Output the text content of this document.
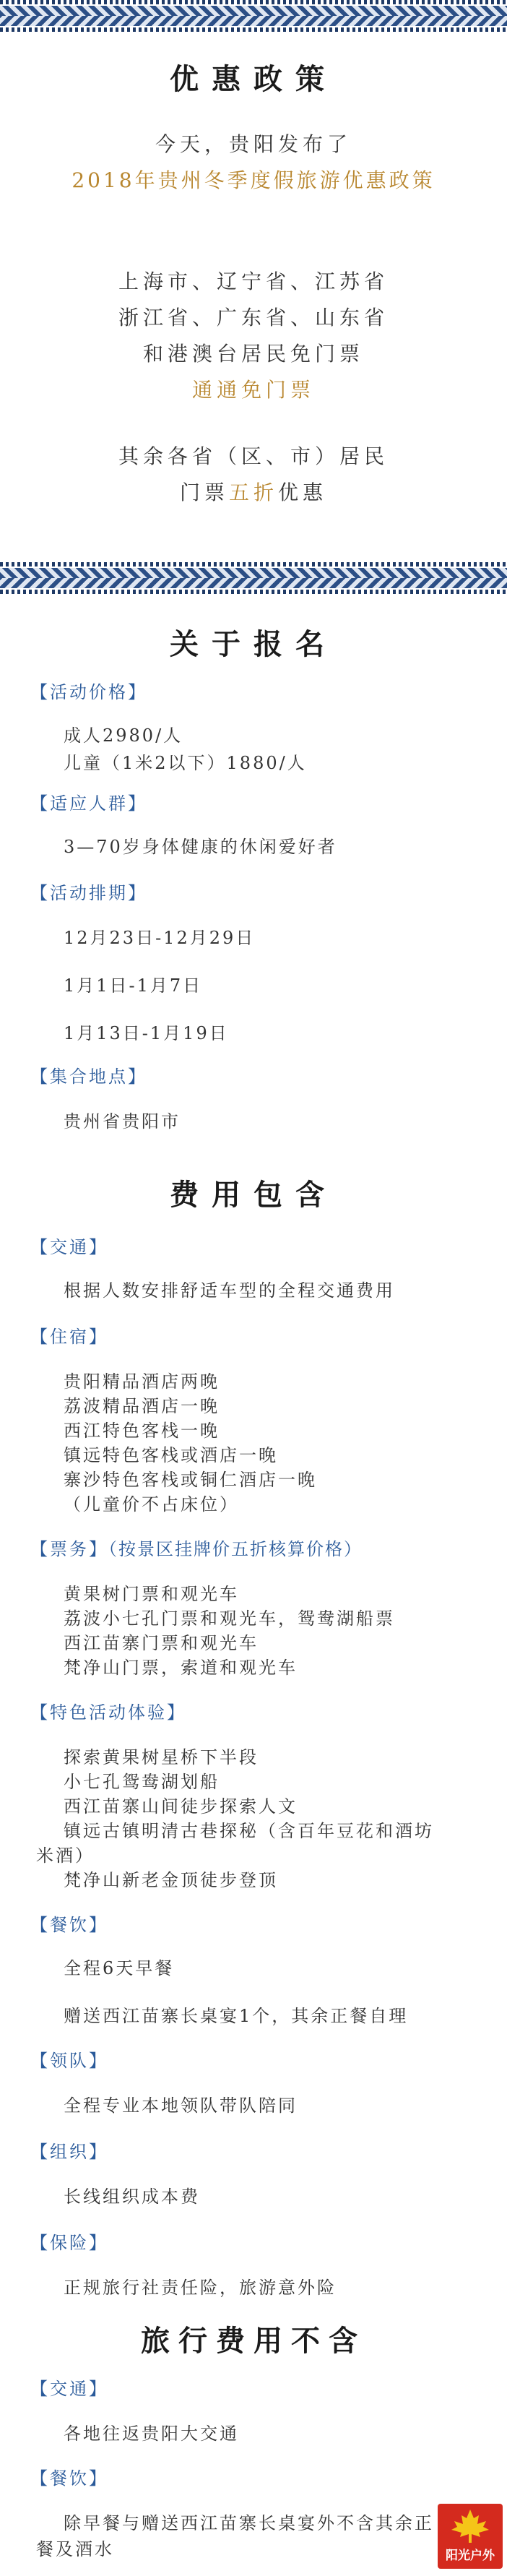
优惠政策
今天，贵阳发布了
2018年贵州冬季度假旅游优惠政策
上海市、辽宁省、江苏省
浙江省、广东省、山东省
和港澳台居民免门票
通通免门票
其余各省（区、市）居民
门票五折优惠
关于报名
【活动价格】
成人2980/人
儿童（1米2以下）1880/人
【适应人群】
3—70岁身体健康的休闲爱好者
【活动排期】
12月23日-12月29日
1月1日-1月7日
1月13日-1月19日
【集合地点】
贵州省贵阳市
费用包含
【交通】
根据人数安排舒适车型的全程交通费用
【住宿】
贵阳精品酒店两晚
荔波精品酒店一晚
西江特色客栈一晚
镇远特色客栈或酒店一晚
寨沙特色客栈或铜仁酒店一晚
（儿童价不占床位）
【票务】（按景区挂牌价五折核算价格）
黄果树门票和观光车
荔波小七孔门票和观光车，鸳鸯湖船票
西江苗寨门票和观光车
梵净山门票，索道和观光车
【特色活动体验】
探索黄果树星桥下半段
小七孔鸳鸯湖划船
西江苗寨山间徒步探索人文
镇远古镇明清古巷探秘（含百年豆花和酒坊
米酒）
梵净山新老金顶徒步登顶
【餐饮】
全程6天早餐
赠送西江苗寨长桌宴1个，其余正餐自理
【领队】
全程专业本地领队带队陪同
【组织】
长线组织成本费
【保险】
正规旅行社责任险，旅游意外险
旅行费用不含
【交通】
各地往返贵阳大交通
【餐饮】
除早餐与赠送西江苗寨长桌宴外不含其余正
餐及酒水	阳光户外
